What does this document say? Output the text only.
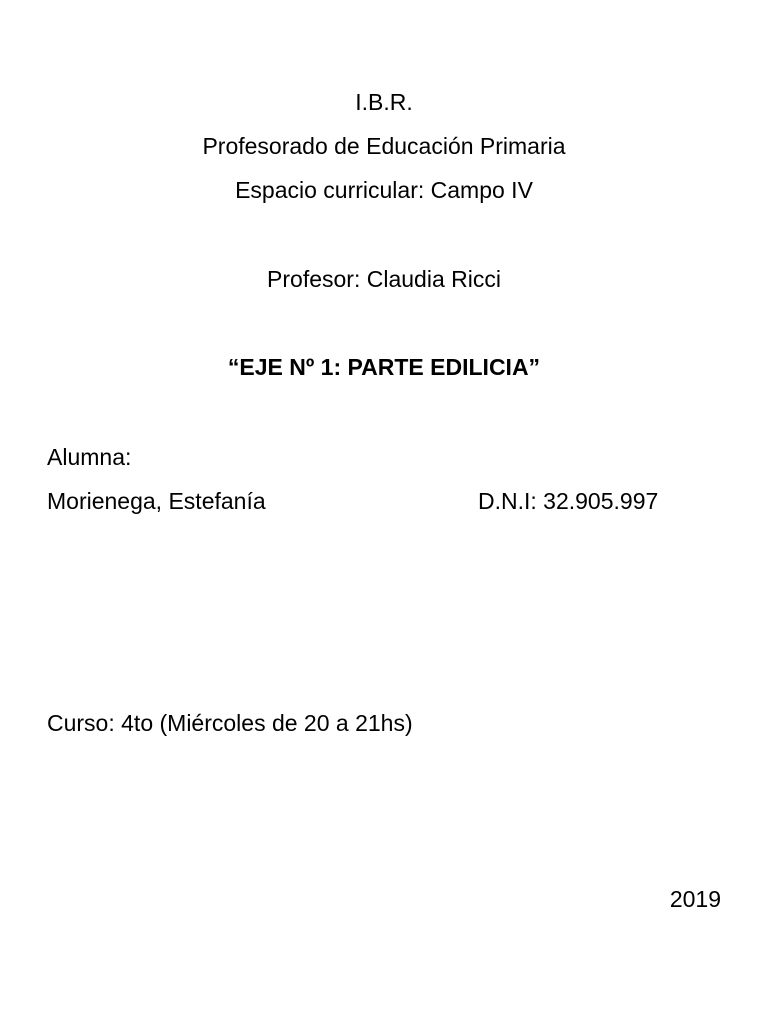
I.B.R.
Profesorado de Educación Primaria
Espacio curricular: Campo IV
Profesor: Claudia Ricci
“EJE Nº 1: PARTE EDILICIA”
Alumna:
Morienega, Estefanía	D.N.I: 32.905.997
Curso: 4to (Miércoles de 20 a 21hs)
2019
